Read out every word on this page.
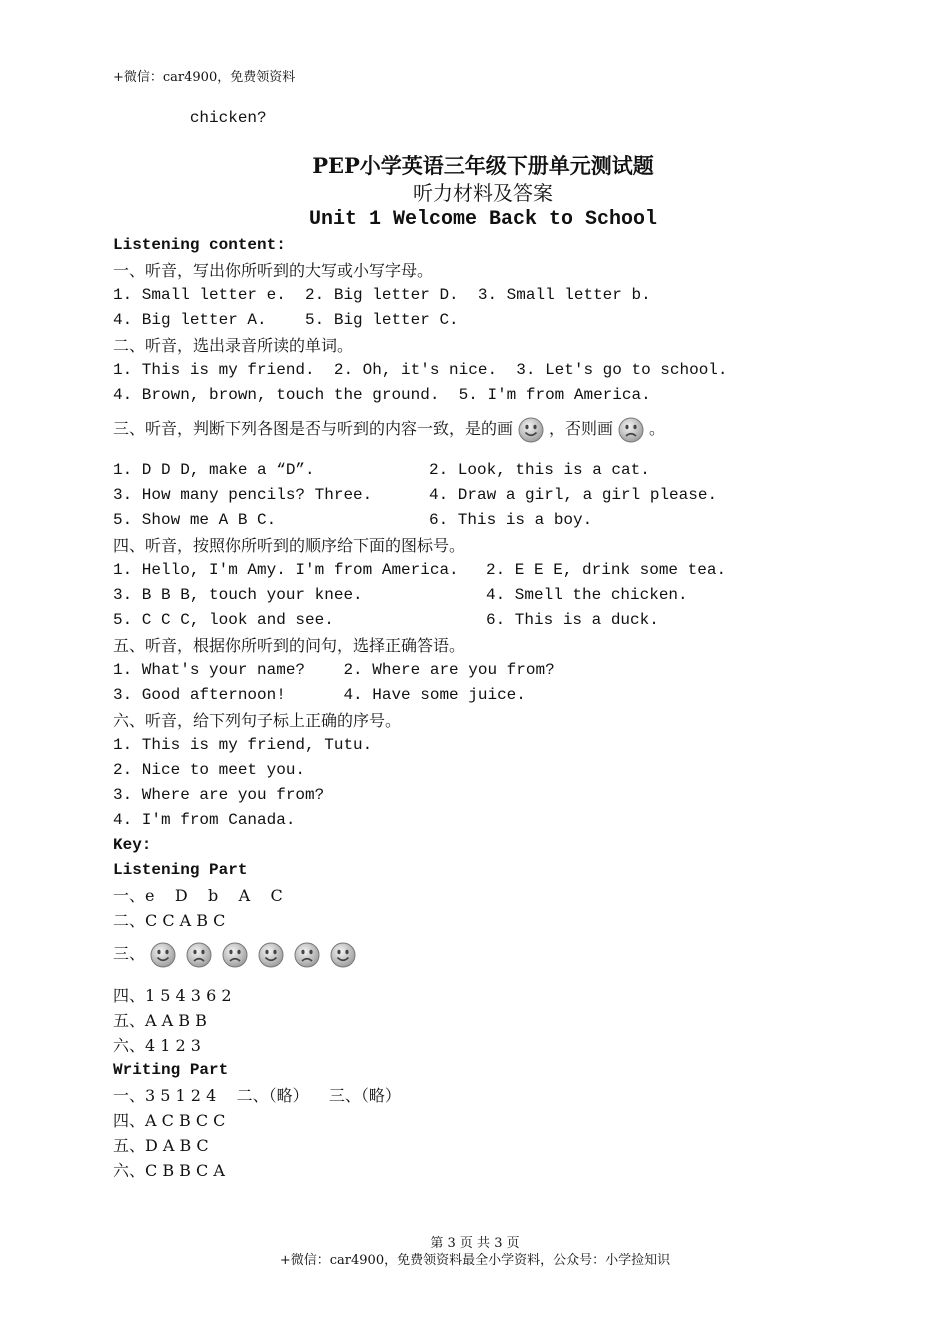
+微信：car4900，免费领资料
chicken?
PEP小学英语三年级下册单元测试题
听力材料及答案
Unit 1 Welcome Back to School
Listening content:
一、听音，写出你所听到的大写或小写字母。
1. Small letter e.  2. Big letter D.  3. Small letter b.
4. Big letter A.    5. Big letter C.
二、听音，选出录音所读的单词。
1. This is my friend.  2. Oh, it's nice.  3. Let's go to school.
4. Brown, brown, touch the ground.  5. I'm from America.
三、听音，判断下列各图是否与听到的内容一致，是的画 ，否则画 。
1. D D D, make a “D”.	2. Look, this is a cat.
3. How many pencils? Three.	4. Draw a girl, a girl please.
5. Show me A B C.	6. This is a boy.
四、听音，按照你所听到的顺序给下面的图标号。
1. Hello, I'm Amy. I'm from America. 2. E E E, drink some tea.
3. B B B, touch your knee.	4. Smell the chicken.
5. C C C, look and see.	6. This is a duck.
五、听音，根据你所听到的问句，选择正确答语。
1. What's your name?    2. Where are you from?
3. Good afternoon!      4. Have some juice.
六、听音，给下列句子标上正确的序号。
1. This is my friend, Tutu.
2. Nice to meet you.
3. Where are you from?
4. I'm from Canada.
Key:
Listening Part
一、e    D    b    A    C
二、C C A B C
三、
四、1 5 4 3 6 2
五、A A B B
六、4 1 2 3
Writing Part
一、3 5 1 2 4    二、（略）    三、（略）
四、A C B C C
五、D A B C
六、C B B C A
第 3 页 共 3 页
+微信：car4900，免费领资料最全小学资料，公众号：小学捡知识
